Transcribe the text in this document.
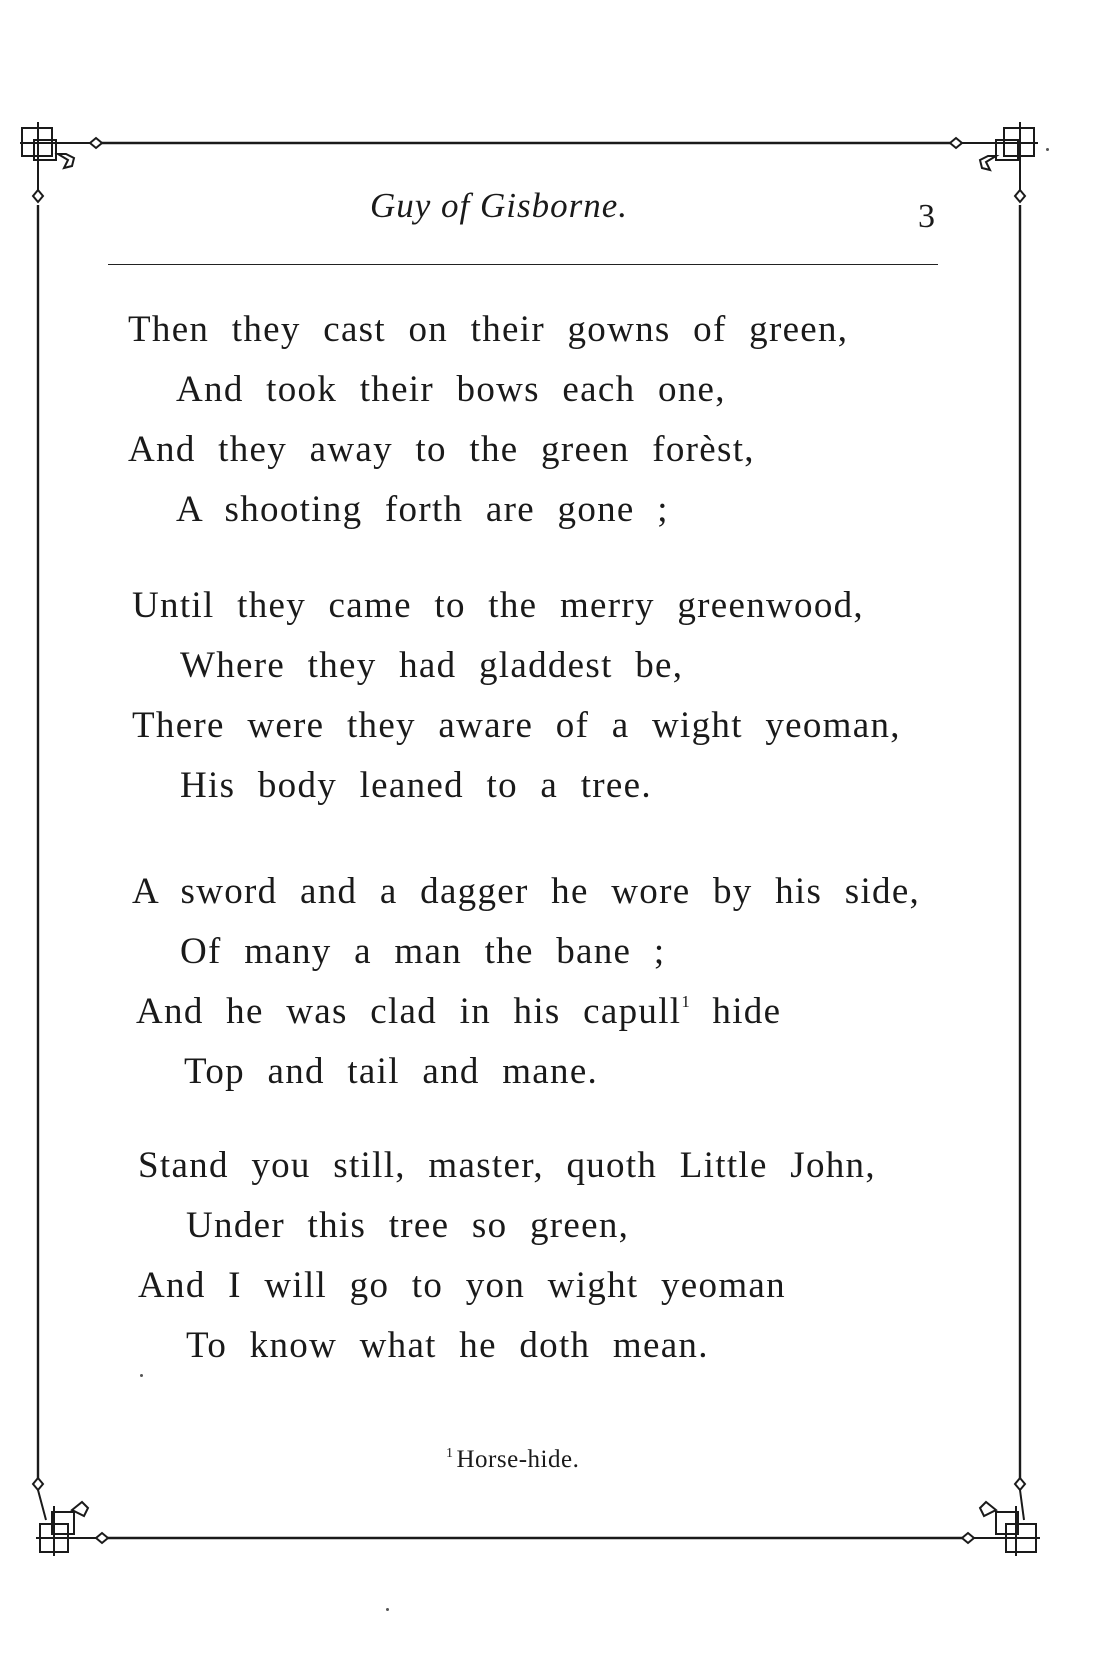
Guy of Gisborne.	3
Then they cast on their gowns of green,
And took their bows each one,
And they away to the green forèst,
A shooting forth are gone ;
Until they came to the merry greenwood,
Where they had gladdest be,
There were they aware of a wight yeoman,
His body leaned to a tree.
A sword and a dagger he wore by his side,
Of many a man the bane ;
And he was clad in his capull$^1$ hide
Top and tail and mane.
Stand you still, master, quoth Little John,
Under this tree so green,
And I will go to yon wight yeoman
To know what he doth mean.
$^1$ Horse-hide.
